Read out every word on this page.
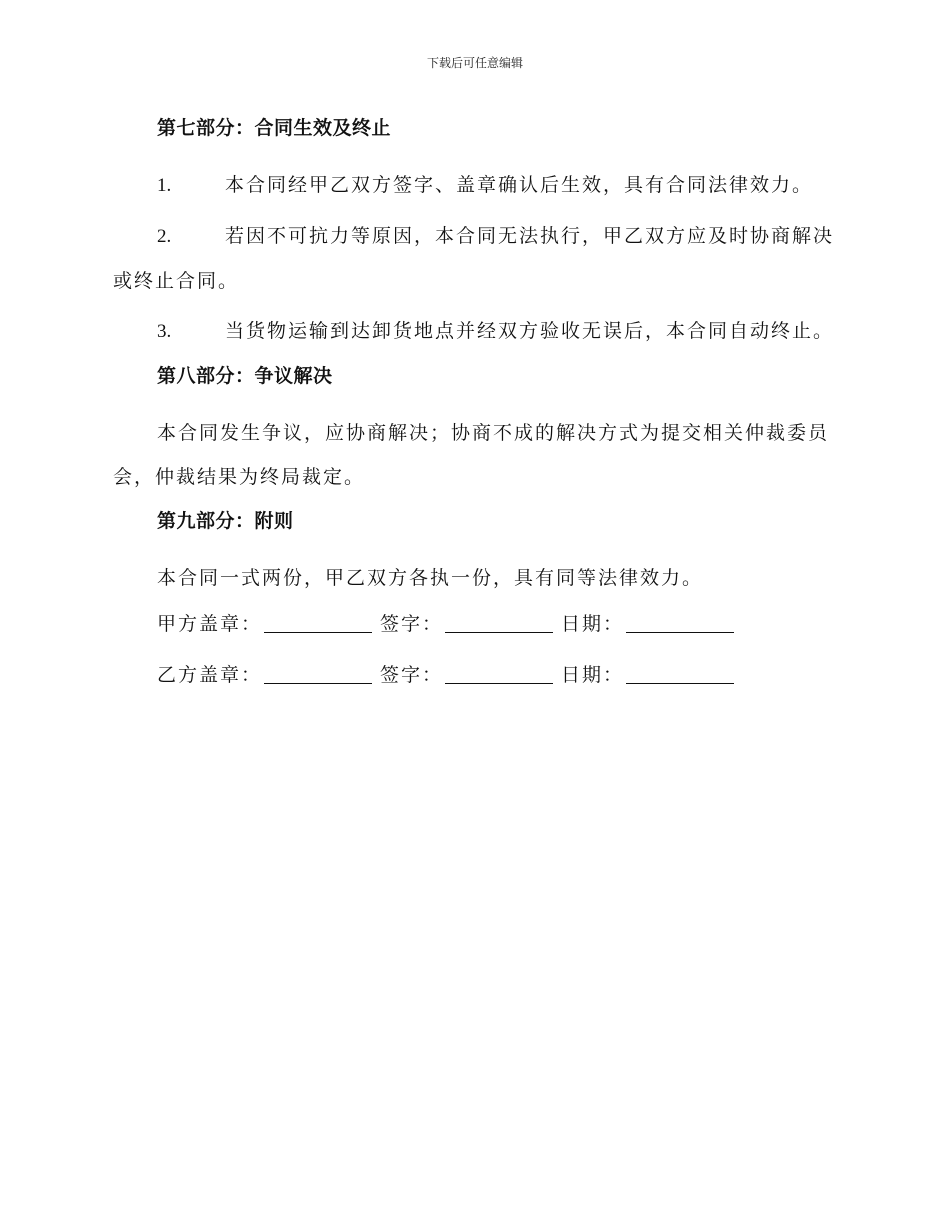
下载后可任意编辑
第七部分：合同生效及终止
1.	本合同经甲乙双方签字、盖章确认后生效，具有合同法律效力。
2.	若因不可抗力等原因，本合同无法执行，甲乙双方应及时协商解决或终止合同。
3.	当货物运输到达卸货地点并经双方验收无误后，本合同自动终止。
第八部分：争议解决
本合同发生争议，应协商解决；协商不成的解决方式为提交相关仲裁委员会，仲裁结果为终局裁定。
第九部分：附则
本合同一式两份，甲乙双方各执一份，具有同等法律效力。
甲方盖章：	签字：	日期：
乙方盖章：	签字：	日期：
